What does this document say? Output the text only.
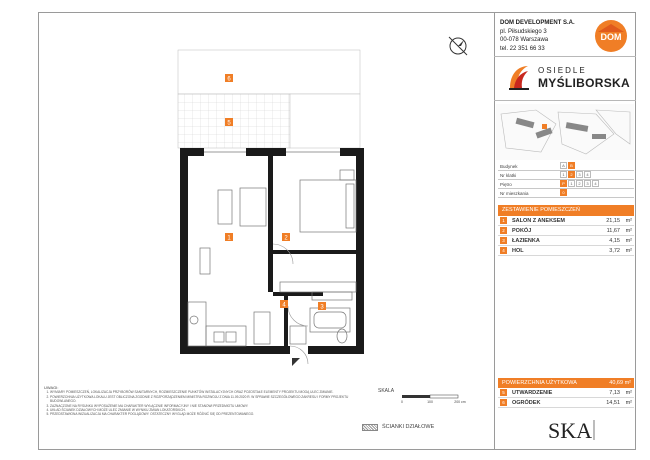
DOM DEVELOPMENT S.A.
pl. Piłsudskiego 3
00-078 Warszawa
tel. 22 351 66 33
DOM
OSIEDLE
MYŚLIBORSKA
Budynek	A	B
Nr klatki	1	2	3	4
Piętro	P	1	2	3	4
Nr mieszkania	0
ZESTAWIENIE POMIESZCZEŃ
1	SALON Z ANEKSEM	21,15 m²
2	POKÓJ	11,67 m²
3	ŁAZIENKA	4,15 m²
4	HOL	3,72 m²
POWIERZCHNIA UŻYTKOWA	40,69 m²
5	UTWARDZENIE	7,13 m²
6	OGRÓDEK	14,51 m²
SKA
UWAGI:
1. WYMIARY POMIESZCZEŃ, LOKALIZACJA PRZYBORÓW SANITARNYCH, ROZMIESZCZENIE PUNKTÓW INSTALACYJNYCH ORAZ POZOSTAŁE ELEMENTY PROJEKTU MOGĄ ULEC ZMIANIE.
2. POWIERZCHNIA UŻYTKOWA LOKALU JEST OBLICZONA ZGODNIE Z ROZPORZĄDZENIEM MINISTRA ROZWOJU Z DNIA 11.09.2020 R. W SPRAWIE SZCZEGÓŁOWEGO ZAKRESU I FORMY PROJEKTU BUDOWLANEGO.
3. ZAZNACZONE NA RYSUNKU WYPOSAŻENIE MA CHARAKTER WYŁĄCZNIE INFORMACYJNY I NIE STANOWI PRZEDMIOTU UMOWY.
4. UKŁAD ŚCIANEK DZIAŁOWYCH MOŻE ULEC ZMIANIE W WYNIKU ZMIAN LOKATORSKICH.
5. PRZEDSTAWIONA WIZUALIZACJA MA CHARAKTER POGLĄDOWY. OSTATECZNY WYGLĄD MOŻE RÓŻNIĆ SIĘ OD PREZENTOWANEGO.
SKALA
0	100	200 cm
ŚCIANKI DZIAŁOWE
1	2
3
4
5
6
